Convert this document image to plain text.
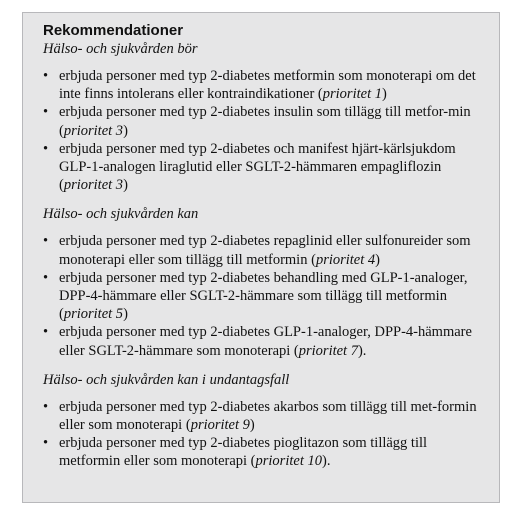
Rekommendationer

Hälso- och sjukvården bör

• erbjuda personer med typ 2-diabetes metformin som monoterapi om det inte finns intolerans eller kontraindikationer (prioritet 1)
• erbjuda personer med typ 2-diabetes insulin som tillägg till metfor-min (prioritet 3)
• erbjuda personer med typ 2-diabetes och manifest hjärt-kärlsjukdom GLP-1-analogen liraglutid eller SGLT-2-hämmaren empagliflozin (prioritet 3)

Hälso- och sjukvården kan

• erbjuda personer med typ 2-diabetes repaglinid eller sulfonureider som monoterapi eller som tillägg till metformin (prioritet 4)
• erbjuda personer med typ 2-diabetes behandling med GLP-1-analoger, DPP-4-hämmare eller SGLT-2-hämmare som tillägg till metformin (prioritet 5)
• erbjuda personer med typ 2-diabetes GLP-1-analoger, DPP-4-hämmare eller SGLT-2-hämmare som monoterapi (prioritet 7).

Hälso- och sjukvården kan i undantagsfall

• erbjuda personer med typ 2-diabetes akarbos som tillägg till met-formin eller som monoterapi (prioritet 9)
• erbjuda personer med typ 2-diabetes pioglitazon som tillägg till metformin eller som monoterapi (prioritet 10).
